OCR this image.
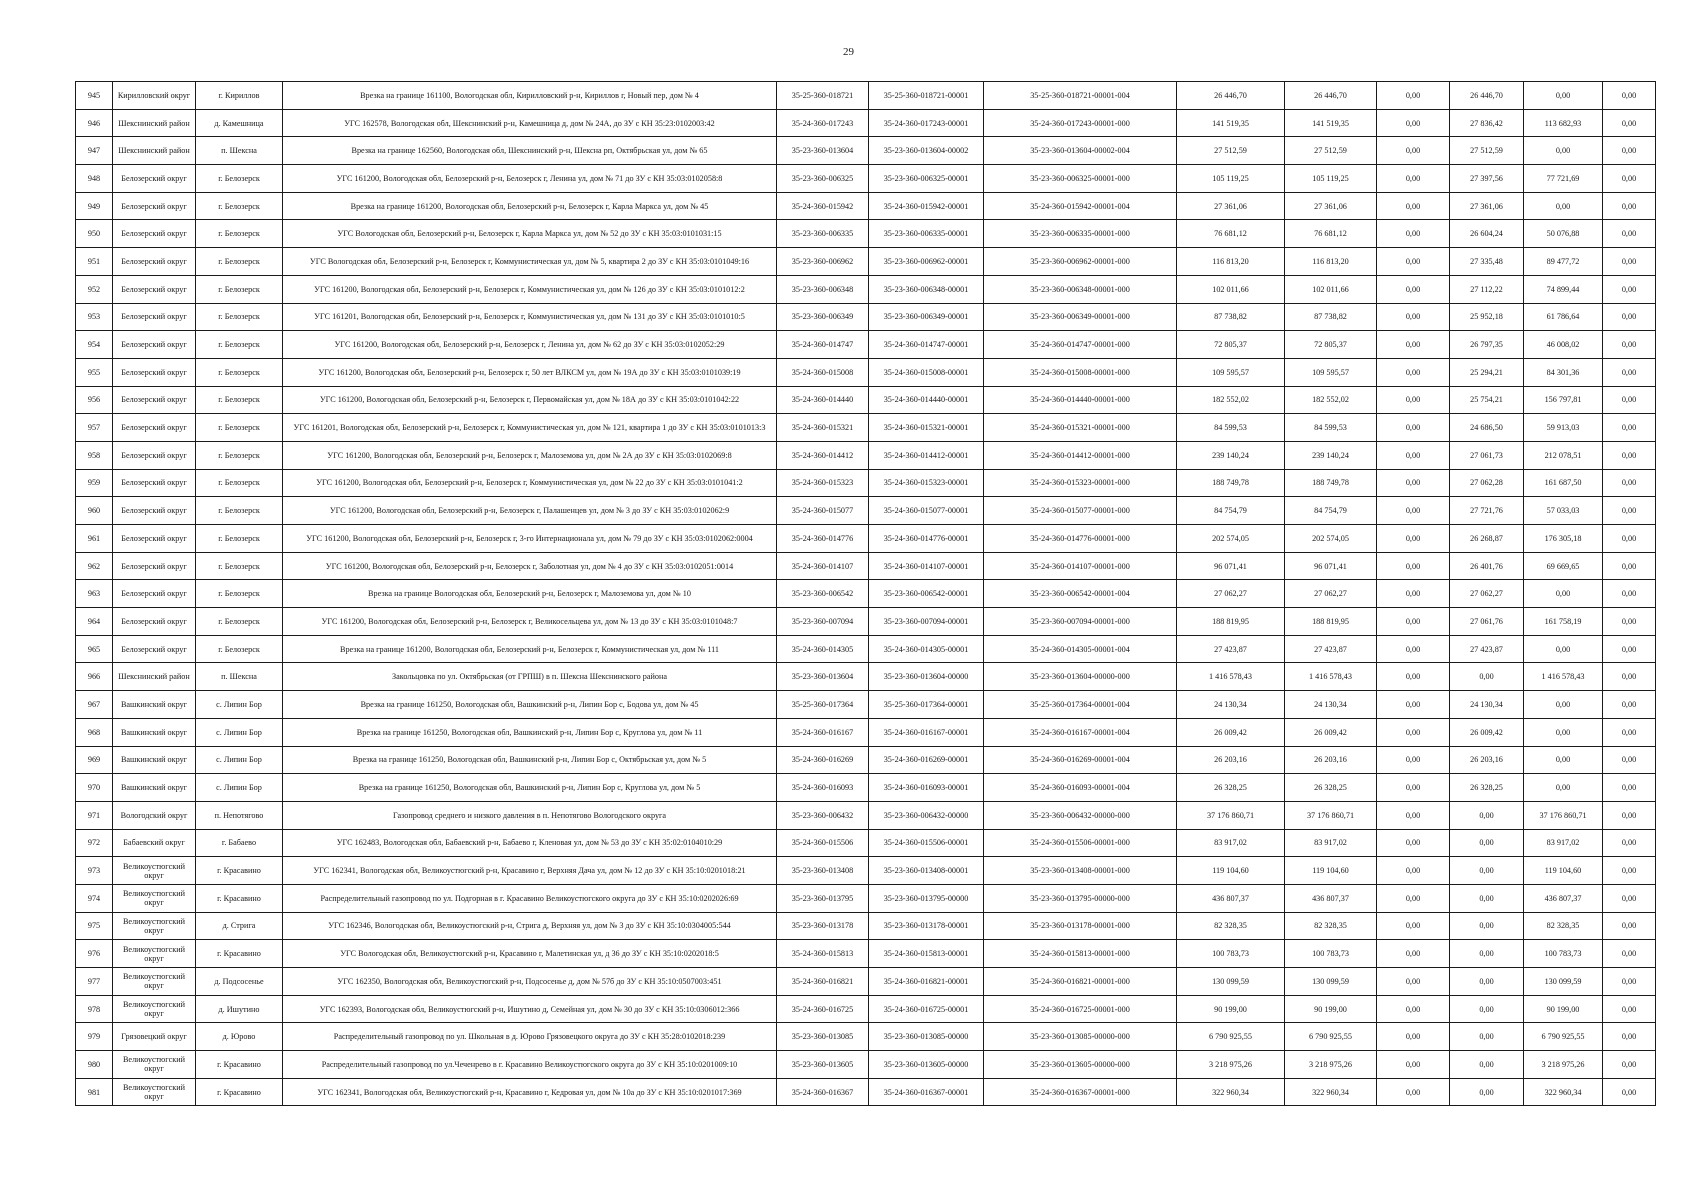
29
945	Кирилловский округ	г. Кириллов	Врезка на границе 161100, Вологодская обл, Кирилловский р-н, Кириллов г, Новый пер, дом № 4	35-25-360-018721	35-25-360-018721-00001	35-25-360-018721-00001-004	26 446,70	26 446,70	0,00	26 446,70	0,00	0,00
946	Шекснинский район	д. Камешница	УГС 162578, Вологодская обл, Шекснинский р-н, Камешница д, дом № 24А, до ЗУ с КН 35:23:0102003:42	35-24-360-017243	35-24-360-017243-00001	35-24-360-017243-00001-000	141 519,35	141 519,35	0,00	27 836,42	113 682,93	0,00
947	Шекснинский район	п. Шексна	Врезка на границе 162560, Вологодская обл, Шекснинский р-н, Шексна рп, Октябрьская ул, дом № 65	35-23-360-013604	35-23-360-013604-00002	35-23-360-013604-00002-004	27 512,59	27 512,59	0,00	27 512,59	0,00	0,00
948	Белозерский округ	г. Белозерск	УГС 161200, Вологодская обл, Белозерский р-н, Белозерск г, Ленина ул, дом № 71 до ЗУ с КН 35:03:0102058:8	35-23-360-006325	35-23-360-006325-00001	35-23-360-006325-00001-000	105 119,25	105 119,25	0,00	27 397,56	77 721,69	0,00
949	Белозерский округ	г. Белозерск	Врезка на границе 161200, Вологодская обл, Белозерский р-н, Белозерск г, Карла Маркса ул, дом № 45	35-24-360-015942	35-24-360-015942-00001	35-24-360-015942-00001-004	27 361,06	27 361,06	0,00	27 361,06	0,00	0,00
950	Белозерский округ	г. Белозерск	УГС Вологодская обл, Белозерский р-н, Белозерск г, Карла Маркса ул, дом № 52 до ЗУ с КН 35:03:0101031:15	35-23-360-006335	35-23-360-006335-00001	35-23-360-006335-00001-000	76 681,12	76 681,12	0,00	26 604,24	50 076,88	0,00
951	Белозерский округ	г. Белозерск	УГС Вологодская обл, Белозерский р-н, Белозерск г, Коммунистическая ул, дом № 5, квартира 2 до ЗУ с КН 35:03:0101049:16	35-23-360-006962	35-23-360-006962-00001	35-23-360-006962-00001-000	116 813,20	116 813,20	0,00	27 335,48	89 477,72	0,00
952	Белозерский округ	г. Белозерск	УГС 161200, Вологодская обл, Белозерский р-н, Белозерск г, Коммунистическая ул, дом № 126 до ЗУ с КН 35:03:0101012:2	35-23-360-006348	35-23-360-006348-00001	35-23-360-006348-00001-000	102 011,66	102 011,66	0,00	27 112,22	74 899,44	0,00
953	Белозерский округ	г. Белозерск	УГС 161201, Вологодская обл, Белозерский р-н, Белозерск г, Коммунистическая ул, дом № 131 до ЗУ с КН 35:03:0101010:5	35-23-360-006349	35-23-360-006349-00001	35-23-360-006349-00001-000	87 738,82	87 738,82	0,00	25 952,18	61 786,64	0,00
954	Белозерский округ	г. Белозерск	УГС 161200, Вологодская обл, Белозерский р-н, Белозерск г, Ленина ул, дом № 62 до ЗУ с КН 35:03:0102052:29	35-24-360-014747	35-24-360-014747-00001	35-24-360-014747-00001-000	72 805,37	72 805,37	0,00	26 797,35	46 008,02	0,00
955	Белозерский округ	г. Белозерск	УГС 161200, Вологодская обл, Белозерский р-н, Белозерск г, 50 лет ВЛКСМ ул, дом № 19А до ЗУ с КН 35:03:0101039:19	35-24-360-015008	35-24-360-015008-00001	35-24-360-015008-00001-000	109 595,57	109 595,57	0,00	25 294,21	84 301,36	0,00
956	Белозерский округ	г. Белозерск	УГС 161200, Вологодская обл, Белозерский р-н, Белозерск г, Первомайская ул, дом № 18А до ЗУ с КН 35:03:0101042:22	35-24-360-014440	35-24-360-014440-00001	35-24-360-014440-00001-000	182 552,02	182 552,02	0,00	25 754,21	156 797,81	0,00
957	Белозерский округ	г. Белозерск	УГС 161201, Вологодская обл, Белозерский р-н, Белозерск г, Коммунистическая ул, дом № 121, квартира 1 до ЗУ с КН 35:03:0101013:3	35-24-360-015321	35-24-360-015321-00001	35-24-360-015321-00001-000	84 599,53	84 599,53	0,00	24 686,50	59 913,03	0,00
958	Белозерский округ	г. Белозерск	УГС 161200, Вологодская обл, Белозерский р-н, Белозерск г, Малоземова ул, дом № 2А до ЗУ с КН 35:03:0102069:8	35-24-360-014412	35-24-360-014412-00001	35-24-360-014412-00001-000	239 140,24	239 140,24	0,00	27 061,73	212 078,51	0,00
959	Белозерский округ	г. Белозерск	УГС 161200, Вологодская обл, Белозерский р-н, Белозерск г, Коммунистическая ул, дом № 22 до ЗУ с КН 35:03:0101041:2	35-24-360-015323	35-24-360-015323-00001	35-24-360-015323-00001-000	188 749,78	188 749,78	0,00	27 062,28	161 687,50	0,00
960	Белозерский округ	г. Белозерск	УГС 161200, Вологодская обл, Белозерский р-н, Белозерск г, Палашенцев ул, дом № 3 до ЗУ с КН 35:03:0102062:9	35-24-360-015077	35-24-360-015077-00001	35-24-360-015077-00001-000	84 754,79	84 754,79	0,00	27 721,76	57 033,03	0,00
961	Белозерский округ	г. Белозерск	УГС 161200, Вологодская обл, Белозерский р-н, Белозерск г, 3-го Интернационала ул, дом № 79 до ЗУ с КН 35:03:0102062:0004	35-24-360-014776	35-24-360-014776-00001	35-24-360-014776-00001-000	202 574,05	202 574,05	0,00	26 268,87	176 305,18	0,00
962	Белозерский округ	г. Белозерск	УГС 161200, Вологодская обл, Белозерский р-н, Белозерск г, Заболотная ул, дом № 4 до ЗУ с КН 35:03:0102051:0014	35-24-360-014107	35-24-360-014107-00001	35-24-360-014107-00001-000	96 071,41	96 071,41	0,00	26 401,76	69 669,65	0,00
963	Белозерский округ	г. Белозерск	Врезка на границе Вологодская обл, Белозерский р-н, Белозерск г, Малоземова ул, дом № 10	35-23-360-006542	35-23-360-006542-00001	35-23-360-006542-00001-004	27 062,27	27 062,27	0,00	27 062,27	0,00	0,00
964	Белозерский округ	г. Белозерск	УГС 161200, Вологодская обл, Белозерский р-н, Белозерск г, Великосельцева ул, дом № 13 до ЗУ с КН 35:03:0101048:7	35-23-360-007094	35-23-360-007094-00001	35-23-360-007094-00001-000	188 819,95	188 819,95	0,00	27 061,76	161 758,19	0,00
965	Белозерский округ	г. Белозерск	Врезка на границе 161200, Вологодская обл, Белозерский р-н, Белозерск г, Коммунистическая ул, дом № 111	35-24-360-014305	35-24-360-014305-00001	35-24-360-014305-00001-004	27 423,87	27 423,87	0,00	27 423,87	0,00	0,00
966	Шекснинский район	п. Шексна	Закольцовка по ул. Октябрьская (от ГРПШ) в п. Шексна Шекснинского района	35-23-360-013604	35-23-360-013604-00000	35-23-360-013604-00000-000	1 416 578,43	1 416 578,43	0,00	0,00	1 416 578,43	0,00
967	Вашкинский округ	с. Липин Бор	Врезка на границе 161250, Вологодская обл, Вашкинский р-н, Липин Бор с, Бодова ул, дом № 45	35-25-360-017364	35-25-360-017364-00001	35-25-360-017364-00001-004	24 130,34	24 130,34	0,00	24 130,34	0,00	0,00
968	Вашкинский округ	с. Липин Бор	Врезка на границе 161250, Вологодская обл, Вашкинский р-н, Липин Бор с, Круглова ул, дом № 11	35-24-360-016167	35-24-360-016167-00001	35-24-360-016167-00001-004	26 009,42	26 009,42	0,00	26 009,42	0,00	0,00
969	Вашкинский округ	с. Липин Бор	Врезка на границе 161250, Вологодская обл, Вашкинский р-н, Липин Бор с, Октябрьская ул, дом № 5	35-24-360-016269	35-24-360-016269-00001	35-24-360-016269-00001-004	26 203,16	26 203,16	0,00	26 203,16	0,00	0,00
970	Вашкинский округ	с. Липин Бор	Врезка на границе 161250, Вологодская обл, Вашкинский р-н, Липин Бор с, Круглова ул, дом № 5	35-24-360-016093	35-24-360-016093-00001	35-24-360-016093-00001-004	26 328,25	26 328,25	0,00	26 328,25	0,00	0,00
971	Вологодский округ	п. Непотягово	Газопровод среднего и низкого давления в п. Непотягово Вологодского округа	35-23-360-006432	35-23-360-006432-00000	35-23-360-006432-00000-000	37 176 860,71	37 176 860,71	0,00	0,00	37 176 860,71	0,00
972	Бабаевский округ	г. Бабаево	УГС 162483, Вологодская обл, Бабаевский р-н, Бабаево г, Кленовая ул, дом № 53 до ЗУ с КН 35:02:0104010:29	35-24-360-015506	35-24-360-015506-00001	35-24-360-015506-00001-000	83 917,02	83 917,02	0,00	0,00	83 917,02	0,00
973	Великоустюгский округ	г. Красавино	УГС 162341, Вологодская обл, Великоустюгский р-н, Красавино г, Верхняя Дача ул, дом № 12 до ЗУ с КН 35:10:0201018:21	35-23-360-013408	35-23-360-013408-00001	35-23-360-013408-00001-000	119 104,60	119 104,60	0,00	0,00	119 104,60	0,00
974	Великоустюгский округ	г. Красавино	Распределительный газопровод по ул. Подгорная в г. Красавино Великоустюгского округа до ЗУ с КН 35:10:0202026:69	35-23-360-013795	35-23-360-013795-00000	35-23-360-013795-00000-000	436 807,37	436 807,37	0,00	0,00	436 807,37	0,00
975	Великоустюгский округ	д. Стрига	УГС 162346, Вологодская обл, Великоустюгский р-н, Стрига д, Верхняя ул, дом № 3 до ЗУ с КН 35:10:0304005:544	35-23-360-013178	35-23-360-013178-00001	35-23-360-013178-00001-000	82 328,35	82 328,35	0,00	0,00	82 328,35	0,00
976	Великоустюгский округ	г. Красавино	УГС Вологодская обл, Великоустюгский р-н, Красавино г, Малетинская ул, д 36 до ЗУ с КН 35:10:0202018:5	35-24-360-015813	35-24-360-015813-00001	35-24-360-015813-00001-000	100 783,73	100 783,73	0,00	0,00	100 783,73	0,00
977	Великоустюгский округ	д. Подсосенье	УГС 162350, Вологодская обл, Великоустюгский р-н, Подсосенье д, дом № 57б до ЗУ с КН 35:10:0507003:451	35-24-360-016821	35-24-360-016821-00001	35-24-360-016821-00001-000	130 099,59	130 099,59	0,00	0,00	130 099,59	0,00
978	Великоустюгский округ	д. Ишутино	УГС 162393, Вологодская обл, Великоустюгский р-н, Ишутино д, Семейная ул, дом № 30 до ЗУ с КН 35:10:0306012:366	35-24-360-016725	35-24-360-016725-00001	35-24-360-016725-00001-000	90 199,00	90 199,00	0,00	0,00	90 199,00	0,00
979	Грязовецкий округ	д. Юрово	Распределительный газопровод по ул. Школьная в д. Юрово Грязовецкого округа до ЗУ с КН 35:28:0102018:239	35-23-360-013085	35-23-360-013085-00000	35-23-360-013085-00000-000	6 790 925,55	6 790 925,55	0,00	0,00	6 790 925,55	0,00
980	Великоустюгский округ	г. Красавино	Распределительный газопровод по ул.Чеченрево в г. Красавино Великоустюгского округа до ЗУ с КН 35:10:0201009:10	35-23-360-013605	35-23-360-013605-00000	35-23-360-013605-00000-000	3 218 975,26	3 218 975,26	0,00	0,00	3 218 975,26	0,00
981	Великоустюгский округ	г. Красавино	УГС 162341, Вологодская обл, Великоустюгский р-н, Красавино г, Кедровая ул, дом № 10а до ЗУ с КН 35:10:0201017:369	35-24-360-016367	35-24-360-016367-00001	35-24-360-016367-00001-000	322 960,34	322 960,34	0,00	0,00	322 960,34	0,00
